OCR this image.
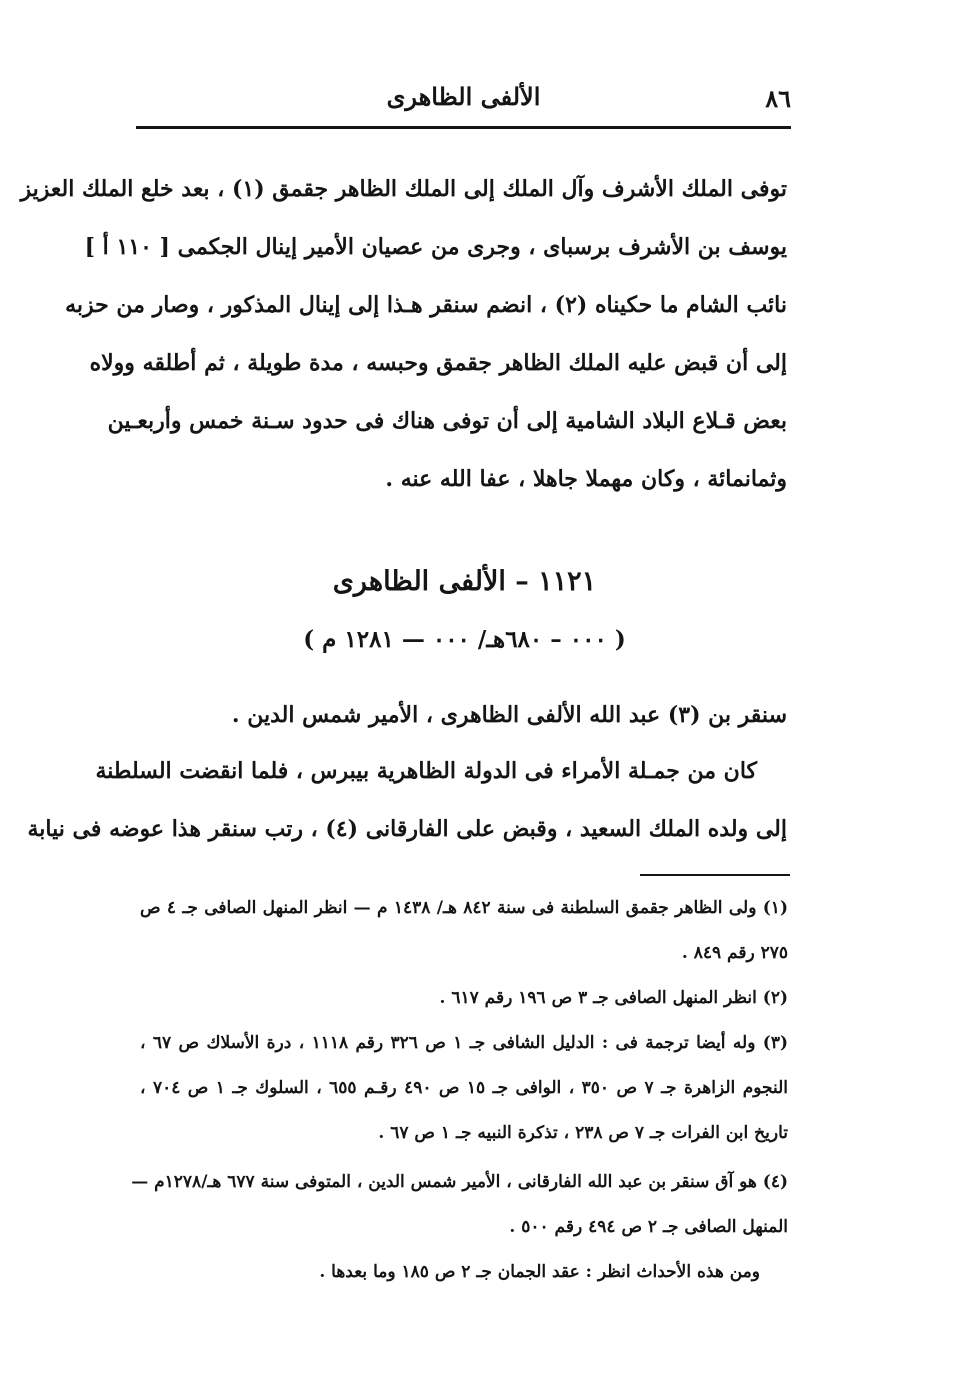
٨٦
الألفى الظاهرى
توفى الملك الأشرف وآل الملك إلى الملك الظاهر جقمق (١) ، بعد خلع الملك العزيز
يوسف بن الأشرف برسباى ، وجرى من عصيان الأمير إينال الجكمى [ ١١٠ أ ]
نائب الشام ما حكيناه (٢) ، انضم سنقر هـذا إلى إينال المذكور ، وصار من حزبه
إلى أن قبض عليه الملك الظاهر جقمق وحبسه ، مدة طويلة ، ثم أطلقه وولاه
بعض قـلاع البلاد الشامية إلى أن توفى هناك فى حدود سـنة خمس وأربعـين
وثمانمائة ، وكان مهملا جاهلا ، عفا الله عنه .
١١٢١ – الألفى الظاهرى
( ٠٠٠ – ٦٨٠هـ/ ٠٠٠ — ١٢٨١ م )
سنقر بن (٣) عبد الله الألفى الظاهرى ، الأمير شمس الدين .
كان من جمـلة الأمراء فى الدولة الظاهرية بيبرس ، فلما انقضت السلطنة
إلى ولده الملك السعيد ، وقبض على الفارقانى (٤) ، رتب سنقر هذا عوضه فى نيابة
(١) ولى الظاهر جقمق السلطنة فى سنة ٨٤٢ هـ/ ١٤٣٨ م — انظر المنهل الصافى جـ ٤ ص
٢٧٥ رقم ٨٤٩ .
(٢) انظر المنهل الصافى جـ ٣ ص ١٩٦ رقم ٦١٧ .
(٣) وله أيضا ترجمة فى : الدليل الشافى جـ ١ ص ٣٢٦ رقم ١١١٨ ، درة الأسلاك ص ٦٧ ،
النجوم الزاهرة جـ ٧ ص ٣٥٠ ، الوافى جـ ١٥ ص ٤٩٠ رقـم ٦٥٥ ، السلوك جـ ١ ص ٧٠٤ ،
تاريخ ابن الفرات جـ ٧ ص ٢٣٨ ، تذكرة النبيه جـ ١ ص ٦٧ .
(٤) هو آق سنقر بن عبد الله الفارقانى ، الأمير شمس الدين ، المتوفى سنة ٦٧٧ هـ/١٢٧٨م —
المنهل الصافى جـ ٢ ص ٤٩٤ رقم ٥٠٠ .
ومن هذه الأحداث انظر : عقد الجمان جـ ٢ ص ١٨٥ وما بعدها .
